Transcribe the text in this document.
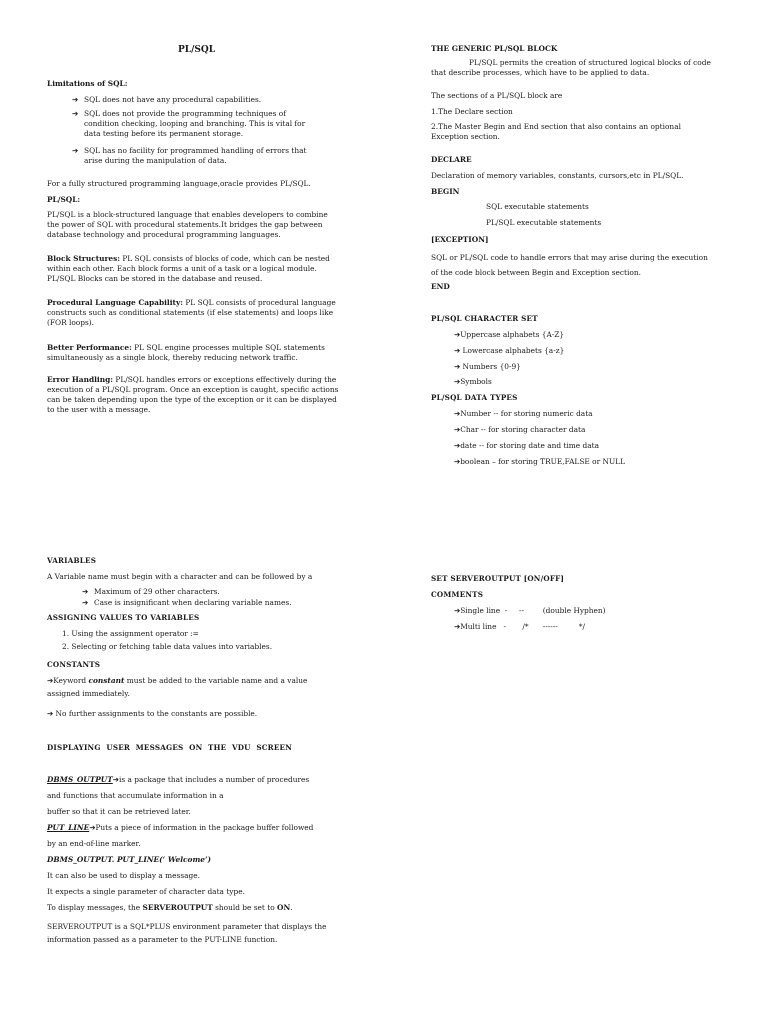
PL/SQL
Limitations of SQL:
➔ SQL does not have any procedural capabilities.
➔ SQL does not provide the programming techniques of condition checking, looping and branching. This is vital for data testing before its permanent storage.
➔ SQL has no facility for programmed handling of errors that arise during the manipulation of data.
For a fully structured programming language,oracle provides PL/SQL.
PL/SQL:
PL/SQL is a block-structured language that enables developers to combine the power of SQL with procedural statements.It bridges the gap between database technology and procedural programming languages.
Block Structures: PL SQL consists of blocks of code, which can be nested within each other. Each block forms a unit of a task or a logical module. PL/SQL Blocks can be stored in the database and reused.
Procedural Language Capability: PL SQL consists of procedural language constructs such as conditional statements (if else statements) and loops like (FOR loops).
Better Performance: PL SQL engine processes multiple SQL statements simultaneously as a single block, thereby reducing network traffic.
Error Handling: PL/SQL handles errors or exceptions effectively during the execution of a PL/SQL program. Once an exception is caught, specific actions can be taken depending upon the type of the exception or it can be displayed to the user with a message.
THE GENERIC PL/SQL BLOCK
PL/SQL permits the creation of structured logical blocks of code that describe processes, which have to be applied to data.
The sections of a PL/SQL block are
1.The Declare section
2.The Master Begin and End section that also contains an optional Exception section.
DECLARE
Declaration of memory variables, constants, cursors,etc in PL/SQL.
BEGIN
SQL executable statements
PL/SQL executable statements
[EXCEPTION]
SQL or PL/SQL code to handle errors that may arise during the execution of the code block between Begin and Exception section.
END
PL/SQL CHARACTER SET
➔Uppercase alphabets {A-Z}
➔ Lowercase alphabets {a-z}
➔ Numbers {0-9}
➔Symbols
PL/SQL DATA TYPES
➔Number -- for storing numeric data
➔Char -- for storing character data
➔date -- for storing date and time data
➔boolean – for storing TRUE,FALSE or NULL
VARIABLES
A Variable name must begin with a character and can be followed by a
➔ Maximum of 29 other characters.
➔ Case is insignificant when declaring variable names.
ASSIGNING VALUES TO VARIABLES
1. Using the assignment operator :=
2. Selecting or fetching table data values into variables.
CONSTANTS
➔Keyword constant must be added to the variable name and a value
assigned immediately.
➔ No further assignments to the constants are possible.
DISPLAYING USER MESSAGES ON THE VDU SCREEN
DBMS_OUTPUT➔is a package that includes a number of procedures
and functions that accumulate information in a
buffer so that it can be retrieved later.
PUT_LINE➔Puts a piece of information in the package buffer followed
by an end-of-line marker.
DBMS_OUTPUT. PUT_LINE(‘ Welcome’)
It can also be used to display a message.
It expects a single parameter of character data type.
To display messages, the SERVEROUTPUT should be set to ON.
SERVEROUTPUT is a SQL*PLUS environment parameter that displays the
information passed as a parameter to the PUT-LINE function.
SET SERVEROUTPUT [ON/OFF]
COMMENTS
➔Single line  -     --        (double Hyphen)
➔Multi line   -       /*      ------         */
